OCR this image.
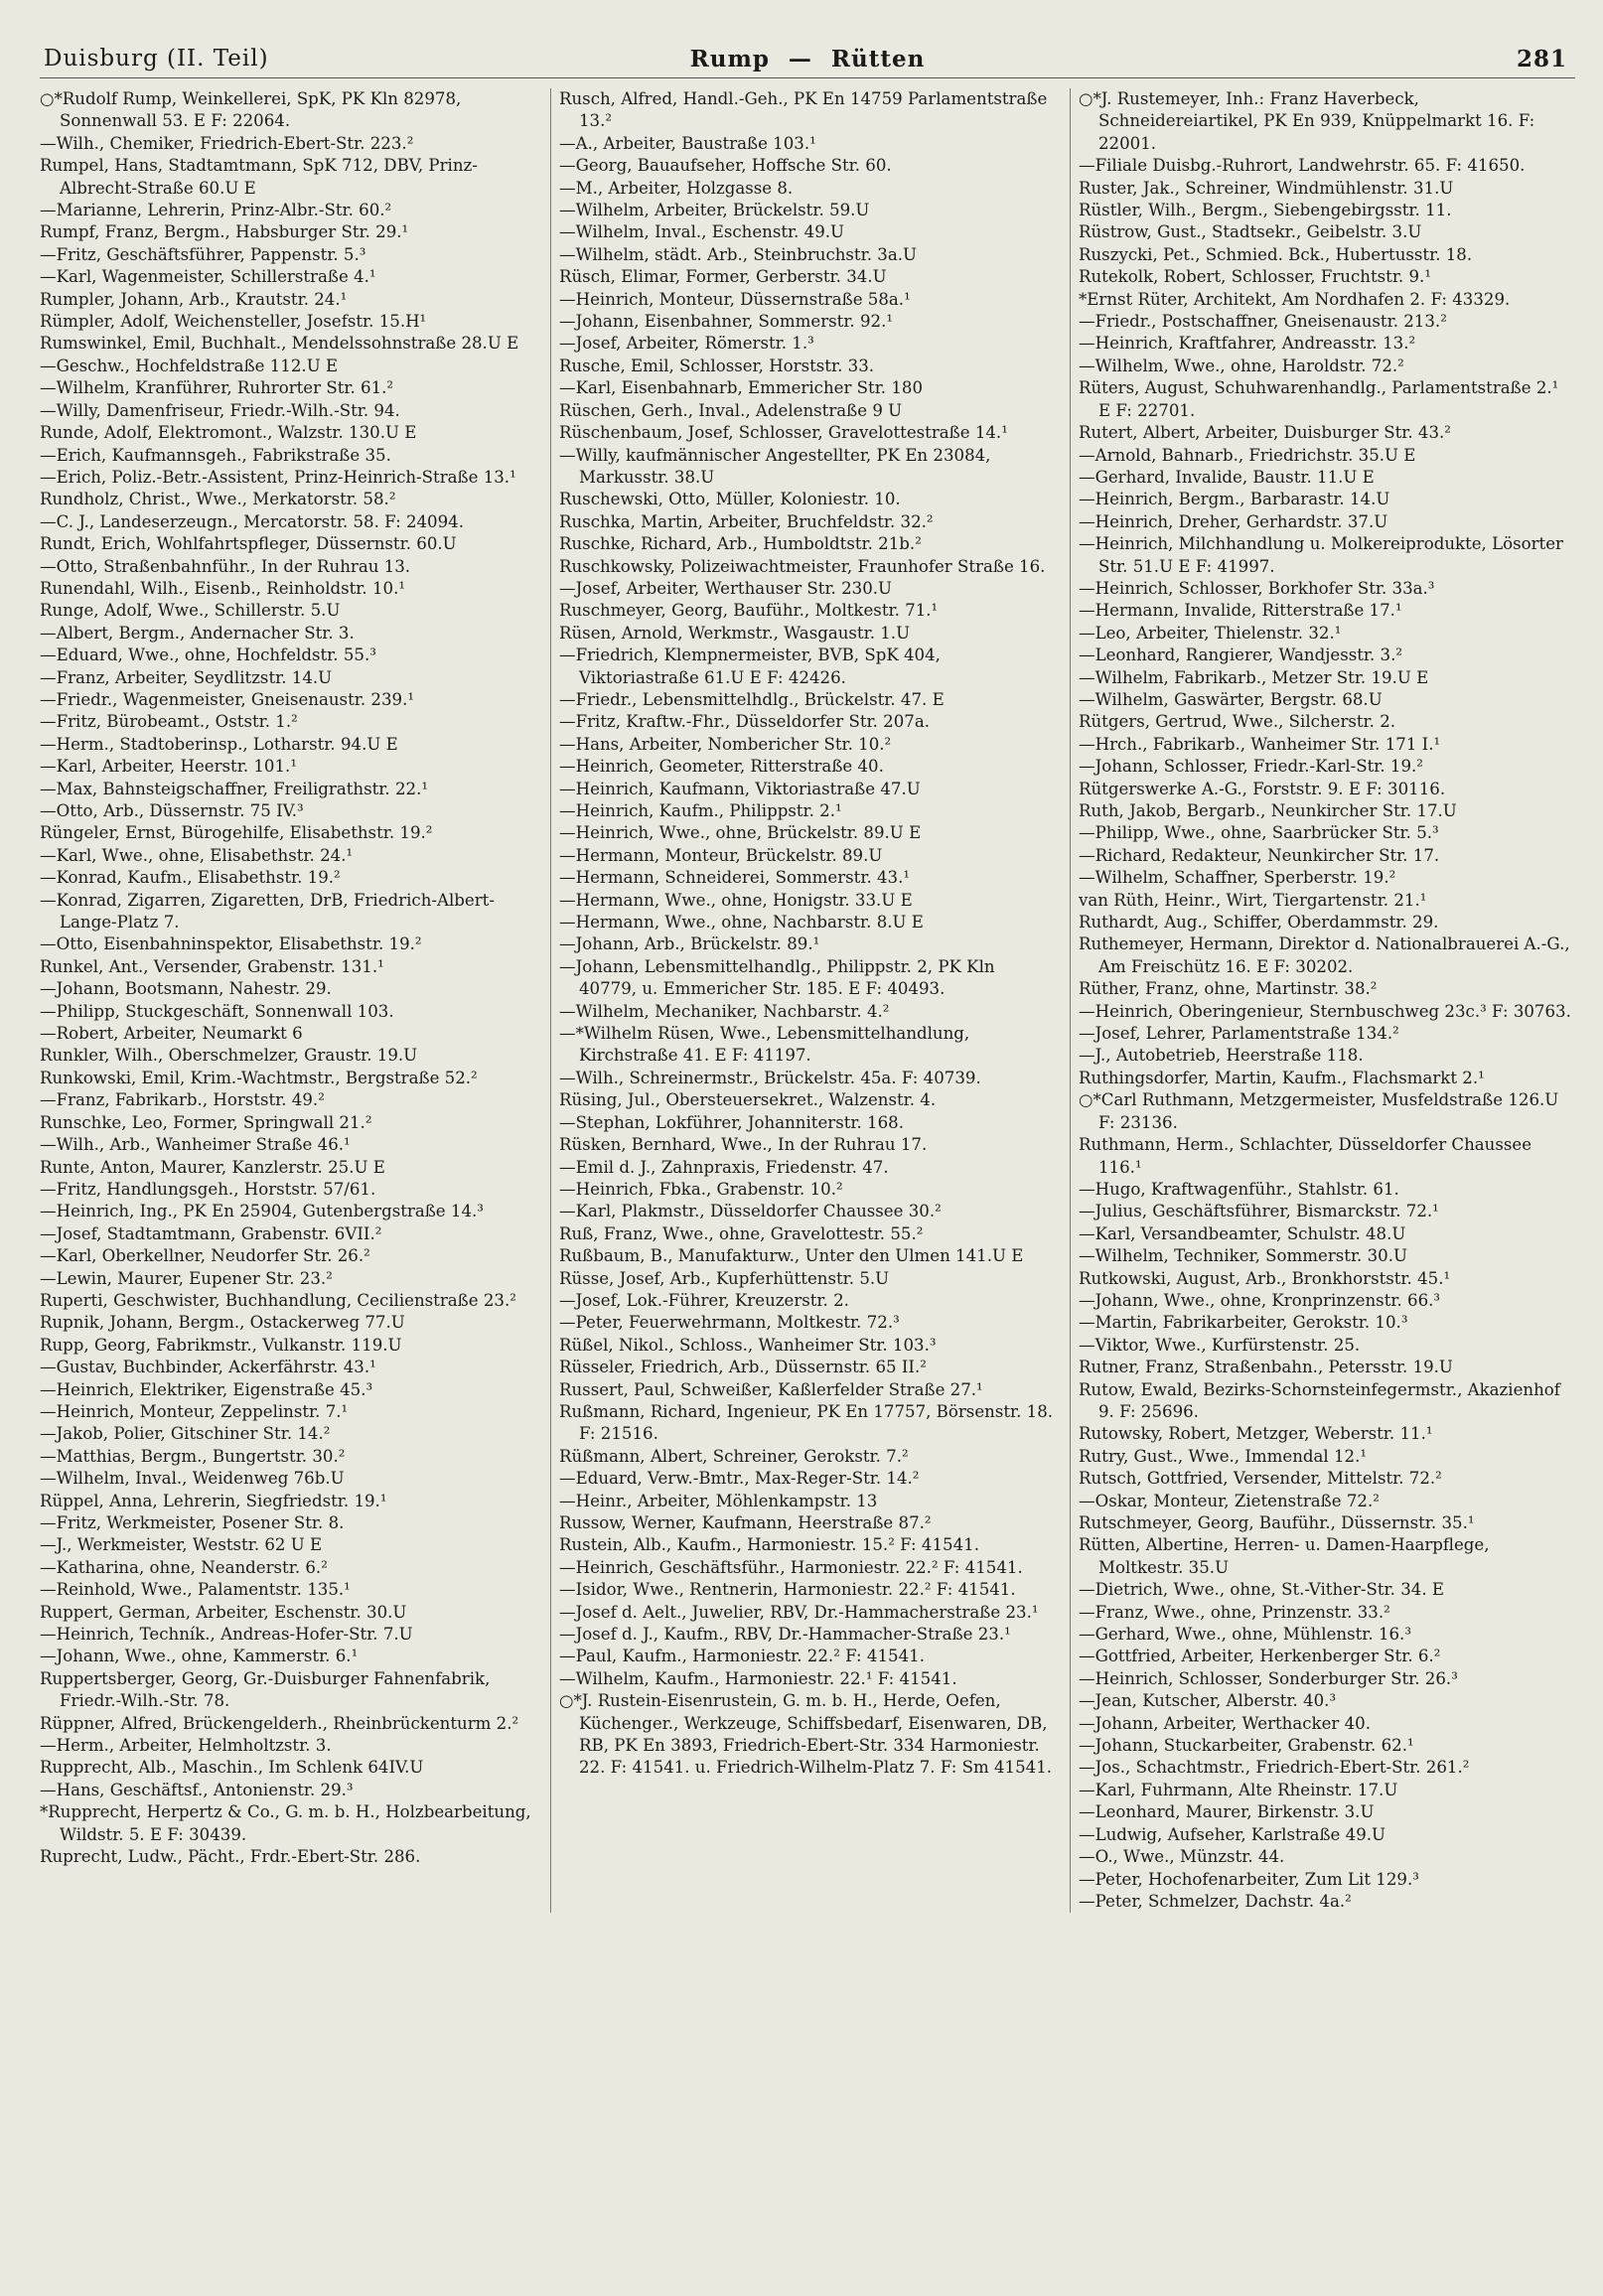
Duisburg (II. Teil)	Rump — Rütten	281
○*Rudolf Rump, Weinkellerei, SpK, PK Kln 82978, Sonnenwall 53. E F: 22064.
—Wilh., Chemiker, Friedrich-Ebert-Str. 223.²
Rumpel, Hans, Stadtamtmann, SpK 712, DBV, Prinz-Albrecht-Straße 60.U E
—Marianne, Lehrerin, Prinz-Albr.-Str. 60.²
Rumpf, Franz, Bergm., Habsburger Str. 29.¹
—Fritz, Geschäftsführer, Pappenstr. 5.³
—Karl, Wagenmeister, Schillerstraße 4.¹
Rumpler, Johann, Arb., Krautstr. 24.¹
Rümpler, Adolf, Weichensteller, Josefstr. 15.H¹
Rumswinkel, Emil, Buchhalt., Mendelssohnstraße 28.U E
—Geschw., Hochfeldstraße 112.U E
—Wilhelm, Kranführer, Ruhrorter Str. 61.²
—Willy, Damenfriseur, Friedr.-Wilh.-Str. 94.
Runde, Adolf, Elektromont., Walzstr. 130.U E
—Erich, Kaufmannsgeh., Fabrikstraße 35.
—Erich, Poliz.-Betr.-Assistent, Prinz-Heinrich-Straße 13.¹
Rundholz, Christ., Wwe., Merkatorstr. 58.²
—C. J., Landeserzeugn., Mercatorstr. 58. F: 24094.
Rundt, Erich, Wohlfahrtspfleger, Düssernstr. 60.U
—Otto, Straßenbahnführ., In der Ruhrau 13.
Runendahl, Wilh., Eisenb., Reinholdstr. 10.¹
Runge, Adolf, Wwe., Schillerstr. 5.U
—Albert, Bergm., Andernacher Str. 3.
—Eduard, Wwe., ohne, Hochfeldstr. 55.³
—Franz, Arbeiter, Seydlitzstr. 14.U
—Friedr., Wagenmeister, Gneisenaustr. 239.¹
—Fritz, Bürobeamt., Oststr. 1.²
—Herm., Stadtoberinsp., Lotharstr. 94.U E
—Karl, Arbeiter, Heerstr. 101.¹
—Max, Bahnsteigschaffner, Freiligrathstr. 22.¹
—Otto, Arb., Düssernstr. 75 IV.³
Rüngeler, Ernst, Bürogehilfe, Elisabethstr. 19.²
—Karl, Wwe., ohne, Elisabethstr. 24.¹
—Konrad, Kaufm., Elisabethstr. 19.²
—Konrad, Zigarren, Zigaretten, DrB, Friedrich-Albert-Lange-Platz 7.
—Otto, Eisenbahninspektor, Elisabethstr. 19.²
Runkel, Ant., Versender, Grabenstr. 131.¹
—Johann, Bootsmann, Nahestr. 29.
—Philipp, Stuckgeschäft, Sonnenwall 103.
—Robert, Arbeiter, Neumarkt 6
Runkler, Wilh., Oberschmelzer, Graustr. 19.U
Runkowski, Emil, Krim.-Wachtmstr., Bergstraße 52.²
—Franz, Fabrikarb., Horststr. 49.²
Runschke, Leo, Former, Springwall 21.²
—Wilh., Arb., Wanheimer Straße 46.¹
Runte, Anton, Maurer, Kanzlerstr. 25.U E
—Fritz, Handlungsgeh., Horststr. 57/61.
—Heinrich, Ing., PK En 25904, Gutenbergstraße 14.³
—Josef, Stadtamtmann, Grabenstr. 6VII.²
—Karl, Oberkellner, Neudorfer Str. 26.²
—Lewin, Maurer, Eupener Str. 23.²
Ruperti, Geschwister, Buchhandlung, Cecilienstraße 23.²
Rupnik, Johann, Bergm., Ostackerweg 77.U
Rupp, Georg, Fabrikmstr., Vulkanstr. 119.U
—Gustav, Buchbinder, Ackerfährstr. 43.¹
—Heinrich, Elektriker, Eigenstraße 45.³
—Heinrich, Monteur, Zeppelinstr. 7.¹
—Jakob, Polier, Gitschiner Str. 14.²
—Matthias, Bergm., Bungertstr. 30.²
—Wilhelm, Inval., Weidenweg 76b.U
Rüppel, Anna, Lehrerin, Siegfriedstr. 19.¹
—Fritz, Werkmeister, Posener Str. 8.
—J., Werkmeister, Weststr. 62 U E
—Katharina, ohne, Neanderstr. 6.²
—Reinhold, Wwe., Palamentstr. 135.¹
Ruppert, German, Arbeiter, Eschenstr. 30.U
—Heinrich, Techník., Andreas-Hofer-Str. 7.U
—Johann, Wwe., ohne, Kammerstr. 6.¹
Ruppertsberger, Georg, Gr.-Duisburger Fahnenfabrik, Friedr.-Wilh.-Str. 78.
Rüppner, Alfred, Brückengelderh., Rheinbrückenturm 2.²
—Herm., Arbeiter, Helmholtzstr. 3.
Rupprecht, Alb., Maschin., Im Schlenk 64IV.U
—Hans, Geschäftsf., Antonienstr. 29.³
*Rupprecht, Herpertz & Co., G. m. b. H., Holzbearbeitung, Wildstr. 5. E F: 30439.
Ruprecht, Ludw., Pächt., Frdr.-Ebert-Str. 286.
Rusch, Alfred, Handl.-Geh., PK En 14759 Parlamentstraße 13.²
—A., Arbeiter, Baustraße 103.¹
—Georg, Bauaufseher, Hoffsche Str. 60.
—M., Arbeiter, Holzgasse 8.
—Wilhelm, Arbeiter, Brückelstr. 59.U
—Wilhelm, Inval., Eschenstr. 49.U
—Wilhelm, städt. Arb., Steinbruchstr. 3a.U
Rüsch, Elimar, Former, Gerberstr. 34.U
—Heinrich, Monteur, Düssernstraße 58a.¹
—Johann, Eisenbahner, Sommerstr. 92.¹
—Josef, Arbeiter, Römerstr. 1.³
Rusche, Emil, Schlosser, Horststr. 33.
—Karl, Eisenbahnarb, Emmericher Str. 180
Rüschen, Gerh., Inval., Adelenstraße 9 U
Rüschenbaum, Josef, Schlosser, Gravelottestraße 14.¹
—Willy, kaufmännischer Angestellter, PK En 23084, Markusstr. 38.U
Ruschewski, Otto, Müller, Koloniestr. 10.
Ruschka, Martin, Arbeiter, Bruchfeldstr. 32.²
Ruschke, Richard, Arb., Humboldtstr. 21b.²
Ruschkowsky, Polizeiwachtmeister, Fraunhofer Straße 16.
—Josef, Arbeiter, Werthauser Str. 230.U
Ruschmeyer, Georg, Bauführ., Moltkestr. 71.¹
Rüsen, Arnold, Werkmstr., Wasgaustr. 1.U
—Friedrich, Klempnermeister, BVB, SpK 404, Viktoriastraße 61.U E F: 42426.
—Friedr., Lebensmittelhdlg., Brückelstr. 47. E
—Fritz, Kraftw.-Fhr., Düsseldorfer Str. 207a.
—Hans, Arbeiter, Nombericher Str. 10.²
—Heinrich, Geometer, Ritterstraße 40.
—Heinrich, Kaufmann, Viktoriastraße 47.U
—Heinrich, Kaufm., Philippstr. 2.¹
—Heinrich, Wwe., ohne, Brückelstr. 89.U E
—Hermann, Monteur, Brückelstr. 89.U
—Hermann, Schneiderei, Sommerstr. 43.¹
—Hermann, Wwe., ohne, Honigstr. 33.U E
—Hermann, Wwe., ohne, Nachbarstr. 8.U E
—Johann, Arb., Brückelstr. 89.¹
—Johann, Lebensmittelhandlg., Philippstr. 2, PK Kln 40779, u. Emmericher Str. 185. E F: 40493.
—Wilhelm, Mechaniker, Nachbarstr. 4.²
—*Wilhelm Rüsen, Wwe., Lebensmittelhandlung, Kirchstraße 41. E F: 41197.
—Wilh., Schreinermstr., Brückelstr. 45a. F: 40739.
Rüsing, Jul., Obersteuersekret., Walzenstr. 4.
—Stephan, Lokführer, Johanniterstr. 168.
Rüsken, Bernhard, Wwe., In der Ruhrau 17.
—Emil d. J., Zahnpraxis, Friedenstr. 47.
—Heinrich, Fbka., Grabenstr. 10.²
—Karl, Plakmstr., Düsseldorfer Chaussee 30.²
Ruß, Franz, Wwe., ohne, Gravelottestr. 55.²
Rußbaum, B., Manufakturw., Unter den Ulmen 141.U E
Rüsse, Josef, Arb., Kupferhüttenstr. 5.U
—Josef, Lok.-Führer, Kreuzerstr. 2.
—Peter, Feuerwehrmann, Moltkestr. 72.³
Rüßel, Nikol., Schloss., Wanheimer Str. 103.³
Rüsseler, Friedrich, Arb., Düssernstr. 65 II.²
Russert, Paul, Schweißer, Kaßlerfelder Straße 27.¹
Rußmann, Richard, Ingenieur, PK En 17757, Börsenstr. 18. F: 21516.
Rüßmann, Albert, Schreiner, Gerokstr. 7.²
—Eduard, Verw.-Bmtr., Max-Reger-Str. 14.²
—Heinr., Arbeiter, Möhlenkampstr. 13
Russow, Werner, Kaufmann, Heerstraße 87.²
Rustein, Alb., Kaufm., Harmoniestr. 15.² F: 41541.
—Heinrich, Geschäftsführ., Harmoniestr. 22.² F: 41541.
—Isidor, Wwe., Rentnerin, Harmoniestr. 22.² F: 41541.
—Josef d. Aelt., Juwelier, RBV, Dr.-Hammacherstraße 23.¹
—Josef d. J., Kaufm., RBV, Dr.-Hammacher-Straße 23.¹
—Paul, Kaufm., Harmoniestr. 22.² F: 41541.
—Wilhelm, Kaufm., Harmoniestr. 22.¹ F: 41541.
○*J. Rustein-Eisenrustein, G. m. b. H., Herde, Oefen, Küchenger., Werkzeuge, Schiffsbedarf, Eisenwaren, DB, RB, PK En 3893, Friedrich-Ebert-Str. 334 Harmoniestr. 22. F: 41541. u. Friedrich-Wilhelm-Platz 7. F: Sm 41541.
○*J. Rustemeyer, Inh.: Franz Haverbeck, Schneidereiartikel, PK En 939, Knüppelmarkt 16. F: 22001.
—Filiale Duisbg.-Ruhrort, Landwehrstr. 65. F: 41650.
Ruster, Jak., Schreiner, Windmühlenstr. 31.U
Rüstler, Wilh., Bergm., Siebengebirgsstr. 11.
Rüstrow, Gust., Stadtsekr., Geibelstr. 3.U
Ruszycki, Pet., Schmied. Bck., Hubertusstr. 18.
Rutekolk, Robert, Schlosser, Fruchtstr. 9.¹
*Ernst Rüter, Architekt, Am Nordhafen 2. F: 43329.
—Friedr., Postschaffner, Gneisenaustr. 213.²
—Heinrich, Kraftfahrer, Andreasstr. 13.²
—Wilhelm, Wwe., ohne, Haroldstr. 72.²
Rüters, August, Schuhwarenhandlg., Parlamentstraße 2.¹ E F: 22701.
Rutert, Albert, Arbeiter, Duisburger Str. 43.²
—Arnold, Bahnarb., Friedrichstr. 35.U E
—Gerhard, Invalide, Baustr. 11.U E
—Heinrich, Bergm., Barbarastr. 14.U
—Heinrich, Dreher, Gerhardstr. 37.U
—Heinrich, Milchhandlung u. Molkereiprodukte, Lösorter Str. 51.U E F: 41997.
—Heinrich, Schlosser, Borkhofer Str. 33a.³
—Hermann, Invalide, Ritterstraße 17.¹
—Leo, Arbeiter, Thielenstr. 32.¹
—Leonhard, Rangierer, Wandjesstr. 3.²
—Wilhelm, Fabrikarb., Metzer Str. 19.U E
—Wilhelm, Gaswärter, Bergstr. 68.U
Rütgers, Gertrud, Wwe., Silcherstr. 2.
—Hrch., Fabrikarb., Wanheimer Str. 171 I.¹
—Johann, Schlosser, Friedr.-Karl-Str. 19.²
Rütgerswerke A.-G., Forststr. 9. E F: 30116.
Ruth, Jakob, Bergarb., Neunkircher Str. 17.U
—Philipp, Wwe., ohne, Saarbrücker Str. 5.³
—Richard, Redakteur, Neunkircher Str. 17.
—Wilhelm, Schaffner, Sperberstr. 19.²
van Rüth, Heinr., Wirt, Tiergartenstr. 21.¹
Ruthardt, Aug., Schiffer, Oberdammstr. 29.
Ruthemeyer, Hermann, Direktor d. Nationalbrauerei A.-G., Am Freischütz 16. E F: 30202.
Rüther, Franz, ohne, Martinstr. 38.²
—Heinrich, Oberingenieur, Sternbuschweg 23c.³ F: 30763.
—Josef, Lehrer, Parlamentstraße 134.²
—J., Autobetrieb, Heerstraße 118.
Ruthingsdorfer, Martin, Kaufm., Flachsmarkt 2.¹
○*Carl Ruthmann, Metzgermeister, Musfeldstraße 126.U F: 23136.
Ruthmann, Herm., Schlachter, Düsseldorfer Chaussee 116.¹
—Hugo, Kraftwagenführ., Stahlstr. 61.
—Julius, Geschäftsführer, Bismarckstr. 72.¹
—Karl, Versandbeamter, Schulstr. 48.U
—Wilhelm, Techniker, Sommerstr. 30.U
Rutkowski, August, Arb., Bronkhorststr. 45.¹
—Johann, Wwe., ohne, Kronprinzenstr. 66.³
—Martin, Fabrikarbeiter, Gerokstr. 10.³
—Viktor, Wwe., Kurfürstenstr. 25.
Rutner, Franz, Straßenbahn., Petersstr. 19.U
Rutow, Ewald, Bezirks-Schornsteinfegermstr., Akazienhof 9. F: 25696.
Rutowsky, Robert, Metzger, Weberstr. 11.¹
Rutry, Gust., Wwe., Immendal 12.¹
Rutsch, Gottfried, Versender, Mittelstr. 72.²
—Oskar, Monteur, Zietenstraße 72.²
Rutschmeyer, Georg, Bauführ., Düssernstr. 35.¹
Rütten, Albertine, Herren- u. Damen-Haarpflege, Moltkestr. 35.U
—Dietrich, Wwe., ohne, St.-Vither-Str. 34. E
—Franz, Wwe., ohne, Prinzenstr. 33.²
—Gerhard, Wwe., ohne, Mühlenstr. 16.³
—Gottfried, Arbeiter, Herkenberger Str. 6.²
—Heinrich, Schlosser, Sonderburger Str. 26.³
—Jean, Kutscher, Alberstr. 40.³
—Johann, Arbeiter, Werthacker 40.
—Johann, Stuckarbeiter, Grabenstr. 62.¹
—Jos., Schachtmstr., Friedrich-Ebert-Str. 261.²
—Karl, Fuhrmann, Alte Rheinstr. 17.U
—Leonhard, Maurer, Birkenstr. 3.U
—Ludwig, Aufseher, Karlstraße 49.U
—O., Wwe., Münzstr. 44.
—Peter, Hochofenarbeiter, Zum Lit 129.³
—Peter, Schmelzer, Dachstr. 4a.²
